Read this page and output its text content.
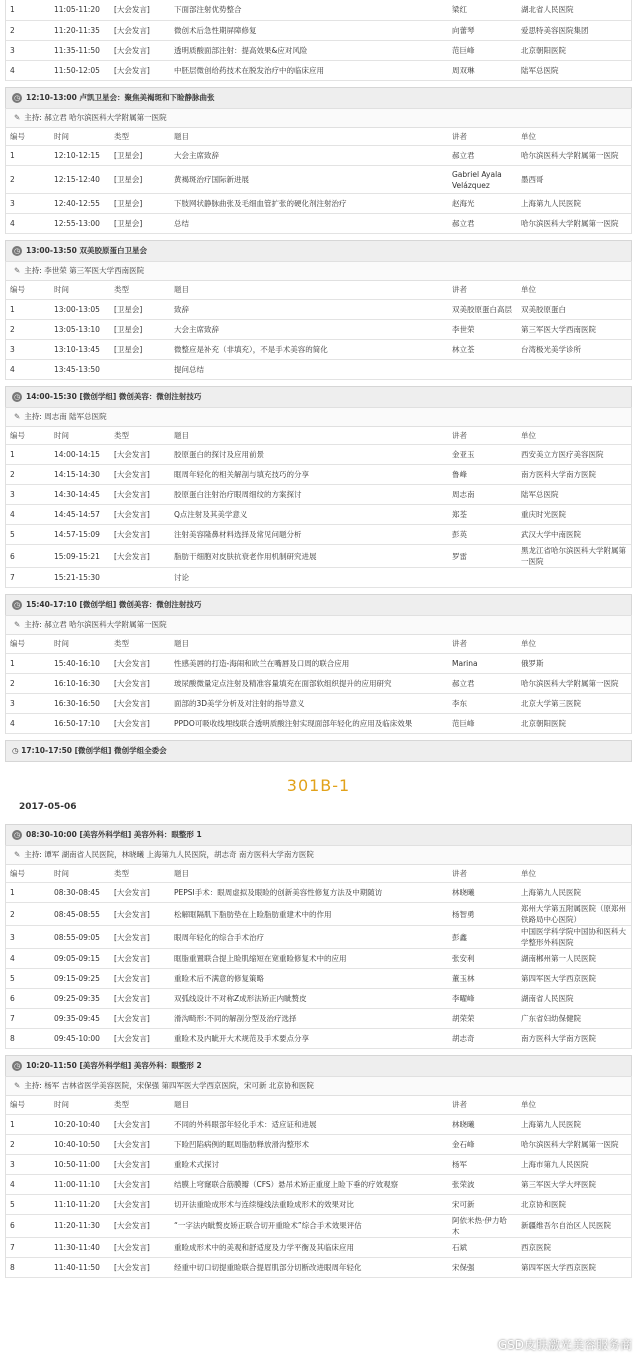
1	11:05-11:20	[大会发言]	下面部注射优势整合	梁红	湖北省人民医院
2	11:20-11:35	[大会发言]	微创术后急性期屏障修复	向蕾琴	爱思特美容医院集团
3	11:35-11:50	[大会发言]	透明质酸面部注射：提高效果&应对风险	范巨峰	北京朝阳医院
4	11:50-12:05	[大会发言]	中胚层微创给药技术在脱发治疗中的临床应用	周双琳	陆军总医院
◷ 12:10-13:00 卢凯卫星会：聚焦美褐斑和下睑静脉曲张
✎ 主持: 郝立君 哈尔滨医科大学附属第一医院
编号	时间	类型	题目	讲者	单位
1	12:10-12:15	[卫星会]	大会主席致辞	郝立君	哈尔滨医科大学附属第一医院
2	12:15-12:40	[卫星会]	黄褐斑治疗国际新进展	Gabriel Ayala Velázquez	墨西哥
3	12:40-12:55	[卫星会]	下肢网状静脉曲张及毛细血管扩张的硬化剂注射治疗	赵海光	上海第九人民医院
4	12:55-13:00	[卫星会]	总结	郝立君	哈尔滨医科大学附属第一医院
◷ 13:00-13:50 双美胶原蛋白卫星会
✎ 主持: 李世荣 第三军医大学西南医院
编号	时间	类型	题目	讲者	单位
1	13:00-13:05	[卫星会]	致辞	双美胶原蛋白高层	双美胶原蛋白
2	13:05-13:10	[卫星会]	大会主席致辞	李世荣	第三军医大学西南医院
3	13:10-13:45	[卫星会]	微整应是补充（非填充），不是手术美容的简化	林立荃	台湾极光美学诊所
4	13:45-13:50		提问总结		
◷ 14:00-15:30 [微创学组] 微创美容：微创注射技巧
✎ 主持: 周志南 陆军总医院
编号	时间	类型	题目	讲者	单位
1	14:00-14:15	[大会发言]	胶原蛋白的探讨及应用前景	金亚玉	西安美立方医疗美容医院
2	14:15-14:30	[大会发言]	眶周年轻化的相关解剖与填充技巧的分享	鲁峰	南方医科大学南方医院
3	14:30-14:45	[大会发言]	胶原蛋白注射治疗眼周细纹的方案探讨	周志南	陆军总医院
4	14:45-14:57	[大会发言]	Q点注射及其美学意义	郑荃	重庆时光医院
5	14:57-15:09	[大会发言]	注射美容隆鼻材料选择及常见问题分析	彭英	武汉大学中南医院
6	15:09-15:21	[大会发言]	脂肪干细胞对皮肤抗衰老作用机制研究进展	罗雷	黑龙江省哈尔滨医科大学附属第一医院
7	15:21-15:30		讨论		
◷ 15:40-17:10 [微创学组] 微创美容：微创注射技巧
✎ 主持: 郝立君 哈尔滨医科大学附属第一医院
编号	时间	类型	题目	讲者	单位
1	15:40-16:10	[大会发言]	性感美唇的打造-海闹和欧兰在嘴唇及口周的联合应用	Marina	俄罗斯
2	16:10-16:30	[大会发言]	玻尿酸微量定点注射及精准容量填充在面部软组织提升的应用研究	郝立君	哈尔滨医科大学附属第一医院
3	16:30-16:50	[大会发言]	面部的3D美学分析及对注射的指导意义	李东	北京大学第三医院
4	16:50-17:10	[大会发言]	PPDO可吸收线埋线联合透明质酸注射实现面部年轻化的应用及临床效果	范巨峰	北京朝阳医院
◷ 17:10-17:50 [微创学组] 微创学组全委会
301B-1
2017-05-06
◷ 08:30-10:00 [美容外科学组] 美容外科：眼整形 1
✎ 主持: 谭军 湖南省人民医院，林晓曦 上海第九人民医院，胡志奇 南方医科大学南方医院
编号	时间	类型	题目	讲者	单位
1	08:30-08:45	[大会发言]	PEPSI手术：眼周虚拟及眼睑的创新美容性修复方法及中期随访	林晓曦	上海第九人民医院
2	08:45-08:55	[大会发言]	松解眶隔肌下脂肪垫在上睑脂肪重建术中的作用	杨智勇	郑州大学第五附属医院（原郑州铁路局中心医院）
3	08:55-09:05	[大会发言]	眼周年轻化的综合手术治疗	彭鑫	中国医学科学院中国协和医科大学整形外科医院
4	09:05-09:15	[大会发言]	眶脂重置联合提上睑肌缩短在宽重睑修复术中的应用	张安利	湖南郴州第一人民医院
5	09:15-09:25	[大会发言]	重睑术后不满意的修复策略	董玉林	第四军医大学西京医院
6	09:25-09:35	[大会发言]	双弧线设计不对称Z成形法矫正内眦赘皮	李曜峰	湖南省人民医院
7	09:35-09:45	[大会发言]	滑沟畸形:不同的解剖分型及治疗选择	胡荣荣	广东省妇幼保健院
8	09:45-10:00	[大会发言]	重睑术及内眦开大术规范及手术要点分享	胡志奇	南方医科大学南方医院
◷ 10:20-11:50 [美容外科学组] 美容外科：眼整形 2
✎ 主持: 杨军 吉林省医学美容医院，宋保强 第四军医大学西京医院，宋可新 北京协和医院
编号	时间	类型	题目	讲者	单位
1	10:20-10:40	[大会发言]	不同的外科眼部年轻化手术：适应证和进展	林晓曦	上海第九人民医院
2	10:40-10:50	[大会发言]	下睑凹陷病例的眶周脂肪释放滑沟整形术	金石峰	哈尔滨医科大学附属第一医院
3	10:50-11:00	[大会发言]	重睑术式探讨	杨军	上海市第九人民医院
4	11:00-11:10	[大会发言]	结膜上穹窿联合筋膜瓣（CFS）悬吊术矫正重度上睑下垂的疗效观察	张荣波	第三军医大学大坪医院
5	11:10-11:20	[大会发言]	切开法重睑成形术与连续缝线法重睑成形术的效果对比	宋可新	北京协和医院
6	11:20-11:30	[大会发言]	“一字法内眦赘皮矫正联合切开重睑术”综合手术效果评估	阿依米热·伊力哈木	新疆维吾尔自治区人民医院
7	11:30-11:40	[大会发言]	重睑成形术中的美观和舒适度及力学平衡及其临床应用	石斌	西京医院
8	11:40-11:50	[大会发言]	经重中切口切提重睑联合提眉肌部分切断改进眼周年轻化	宋保强	第四军医大学西京医院
GSD皮肤激光美容服务商
